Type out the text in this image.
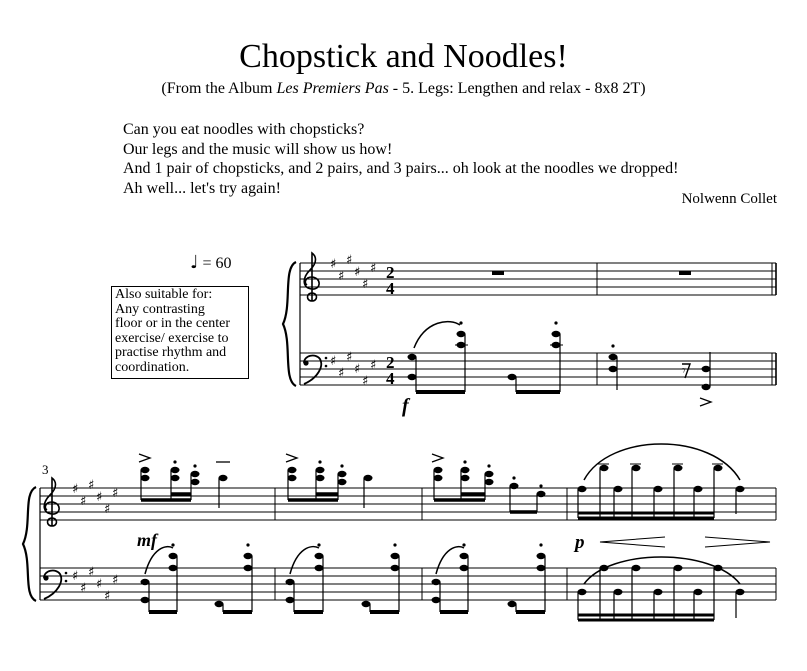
Chopstick and Noodles!
(From the Album Les Premiers Pas - 5. Legs: Lengthen and relax - 8x8 2T)
Can you eat noodles with chopsticks?
Our legs and the music will show us how!
And 1 pair of chopsticks, and 2 pairs, and 3 pairs... oh look at the noodles we dropped!
Ah well... let's try again!
Nolwenn Collet
♩ = 60
Also suitable for:
Any contrasting
floor or in the center
exercise/ exercise to
practise rhythm and
coordination.
3
♯
♯
♯
♯
♯
♯
♯
♯
♯
♯
♯
♯
2
4
2
4	𝄾
f
♯
♯
♯
♯
♯
♯
♯
♯
♯
♯
♯
♯
mf	p
